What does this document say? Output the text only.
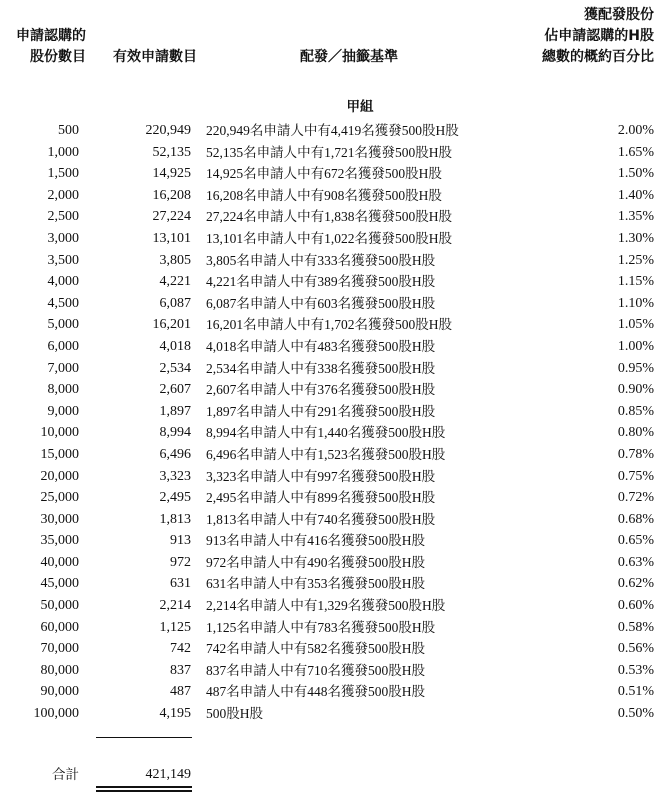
申請認購的
股份數目	有效申請數目	配發／抽籤基準
獲配發股份
佔申請認購的H股
總數的概約百分比
甲組
500	220,949 220,949名申請人中有4,419名獲發500股H股	2.00%
1,000	52,135 52,135名申請人中有1,721名獲發500股H股	1.65%
1,500	14,925 14,925名申請人中有672名獲發500股H股	1.50%
2,000	16,208 16,208名申請人中有908名獲發500股H股	1.40%
2,500	27,224 27,224名申請人中有1,838名獲發500股H股	1.35%
3,000	13,101 13,101名申請人中有1,022名獲發500股H股	1.30%
3,500	3,805 3,805名申請人中有333名獲發500股H股	1.25%
4,000	4,221 4,221名申請人中有389名獲發500股H股	1.15%
4,500	6,087 6,087名申請人中有603名獲發500股H股	1.10%
5,000	16,201 16,201名申請人中有1,702名獲發500股H股	1.05%
6,000	4,018 4,018名申請人中有483名獲發500股H股	1.00%
7,000	2,534 2,534名申請人中有338名獲發500股H股	0.95%
8,000	2,607 2,607名申請人中有376名獲發500股H股	0.90%
9,000	1,897 1,897名申請人中有291名獲發500股H股	0.85%
10,000	8,994 8,994名申請人中有1,440名獲發500股H股	0.80%
15,000	6,496 6,496名申請人中有1,523名獲發500股H股	0.78%
20,000	3,323 3,323名申請人中有997名獲發500股H股	0.75%
25,000	2,495 2,495名申請人中有899名獲發500股H股	0.72%
30,000	1,813 1,813名申請人中有740名獲發500股H股	0.68%
35,000	913 913名申請人中有416名獲發500股H股	0.65%
40,000	972 972名申請人中有490名獲發500股H股	0.63%
45,000	631 631名申請人中有353名獲發500股H股	0.62%
50,000	2,214 2,214名申請人中有1,329名獲發500股H股	0.60%
60,000	1,125 1,125名申請人中有783名獲發500股H股	0.58%
70,000	742 742名申請人中有582名獲發500股H股	0.56%
80,000	837 837名申請人中有710名獲發500股H股	0.53%
90,000	487 487名申請人中有448名獲發500股H股	0.51%
100,000	4,195 500股H股	0.50%
合計	421,149
